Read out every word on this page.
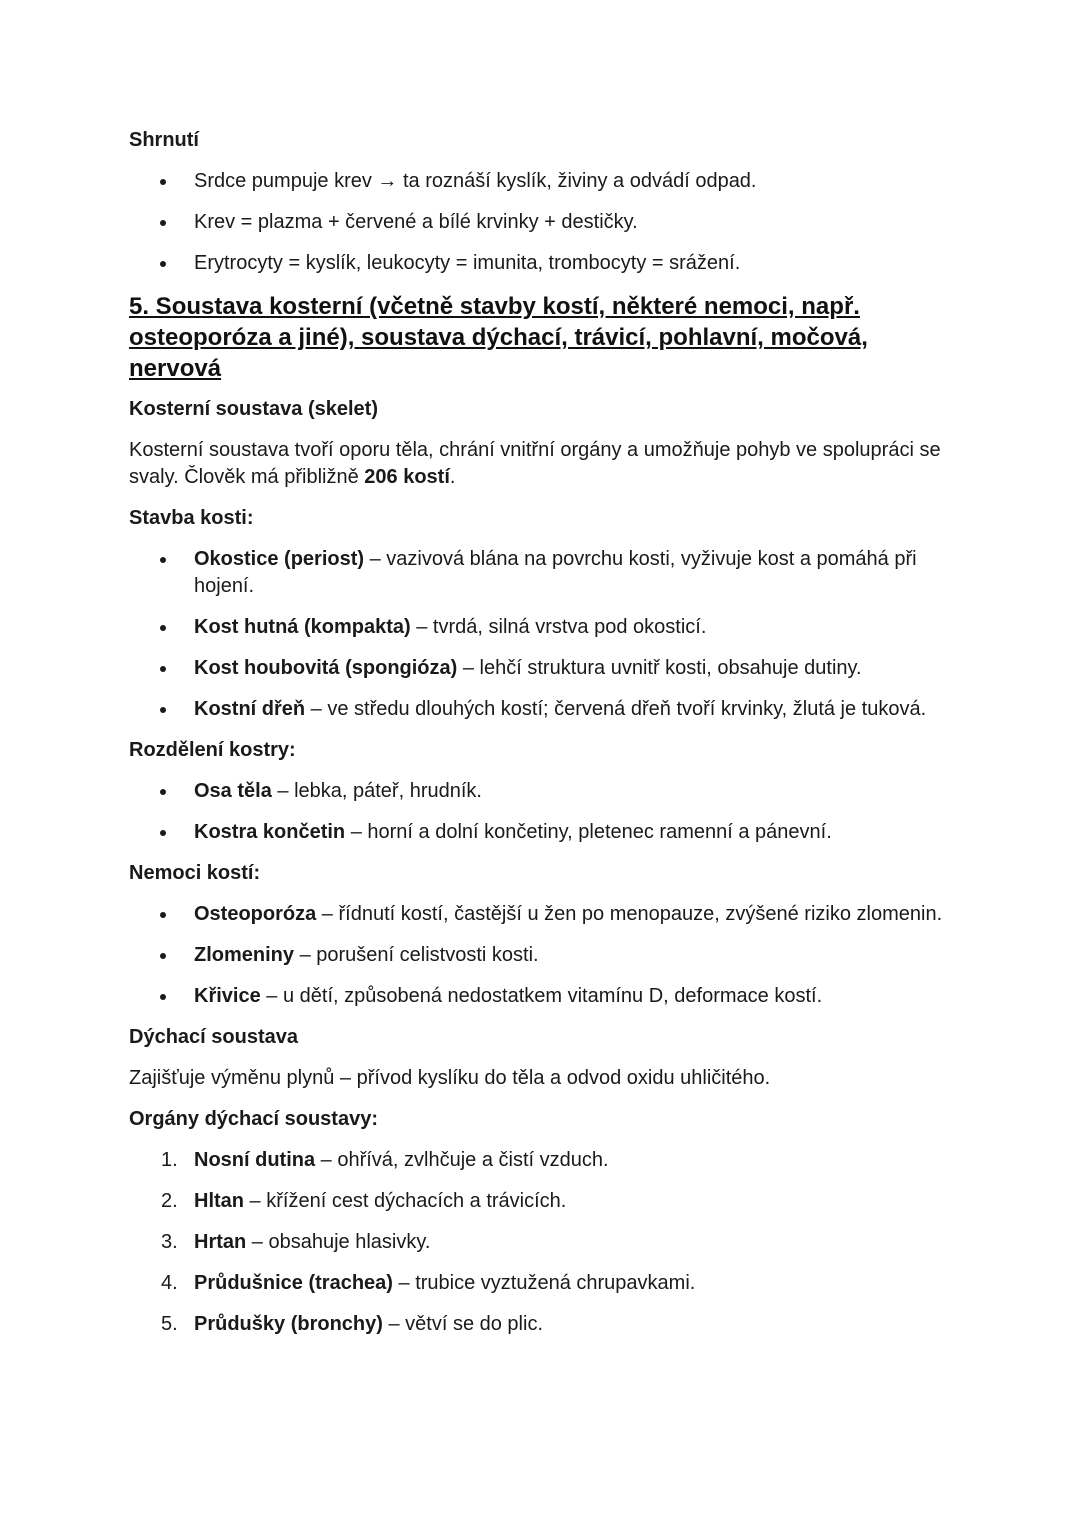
Shrnutí
Srdce pumpuje krev → ta roznáší kyslík, živiny a odvádí odpad.
Krev = plazma + červené a bílé krvinky + destičky.
Erytrocyty = kyslík, leukocyty = imunita, trombocyty = srážení.
5. Soustava kosterní (včetně stavby kostí, některé nemoci, např. osteoporóza a jiné), soustava dýchací, trávicí, pohlavní, močová, nervová
Kosterní soustava (skelet)

Kosterní soustava tvoří oporu těla, chrání vnitřní orgány a umožňuje pohyb ve spolupráci se svaly. Člověk má přibližně 206 kostí.

Stavba kosti:
Okostice (periost) – vazivová blána na povrchu kosti, vyživuje kost a pomáhá při hojení.
Kost hutná (kompakta) – tvrdá, silná vrstva pod okosticí.
Kost houbovitá (spongióza) – lehčí struktura uvnitř kosti, obsahuje dutiny.
Kostní dřeň – ve středu dlouhých kostí; červená dřeň tvoří krvinky, žlutá je tuková.
Rozdělení kostry:
Osa těla – lebka, páteř, hrudník.
Kostra končetin – horní a dolní končetiny, pletenec ramenní a pánevní.
Nemoci kostí:
Osteoporóza – řídnutí kostí, častější u žen po menopauze, zvýšené riziko zlomenin.
Zlomeniny – porušení celistvosti kosti.
Křivice – u dětí, způsobená nedostatkem vitamínu D, deformace kostí.
Dýchací soustava

Zajišťuje výměnu plynů – přívod kyslíku do těla a odvod oxidu uhličitého.

Orgány dýchací soustavy:
1. Nosní dutina – ohřívá, zvlhčuje a čistí vzduch.
2. Hltan – křížení cest dýchacích a trávicích.
3. Hrtan – obsahuje hlasivky.
4. Průdušnice (trachea) – trubice vyztužená chrupavkami.
5. Průdušky (bronchy) – větví se do plic.
